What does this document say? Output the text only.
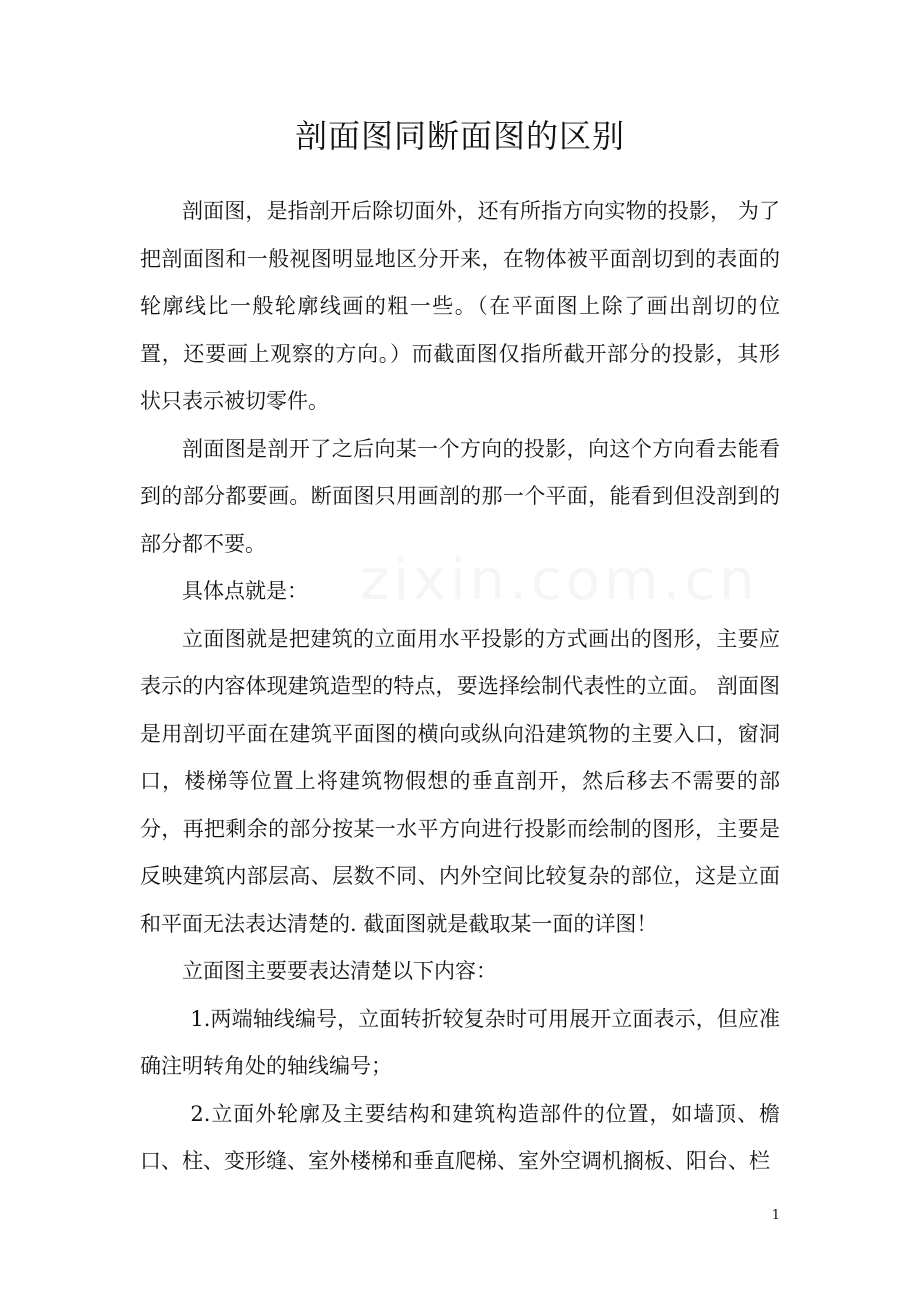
剖面图同断面图的区别

剖面图，是指剖开后除切面外，还有所指方向实物的投影， 为了把剖面图和一般视图明显地区分开来，在物体被平面剖切到的表面的轮廓线比一般轮廓线画的粗一些。（在平面图上除了画出剖切的位置，还要画上观察的方向。）而截面图仅指所截开部分的投影，其形状只表示被切零件。

剖面图是剖开了之后向某一个方向的投影，向这个方向看去能看到的部分都要画。断面图只用画剖的那一个平面，能看到但没剖到的部分都不要。

具体点就是：

立面图就是把建筑的立面用水平投影的方式画出的图形，主要应表示的内容体现建筑造型的特点，要选择绘制代表性的立面。 剖面图是用剖切平面在建筑平面图的横向或纵向沿建筑物的主要入口，窗洞口，楼梯等位置上将建筑物假想的垂直剖开，然后移去不需要的部分，再把剩余的部分按某一水平方向进行投影而绘制的图形，主要是反映建筑内部层高、层数不同、内外空间比较复杂的部位，这是立面和平面无法表达清楚的. 截面图就是截取某一面的详图！

立面图主要要表达清楚以下内容：

1.两端轴线编号，立面转折较复杂时可用展开立面表示，但应准确注明转角处的轴线编号；

2.立面外轮廓及主要结构和建筑构造部件的位置，如墙顶、檐口、柱、变形缝、室外楼梯和垂直爬梯、室外空调机搁板、阳台、栏

1
